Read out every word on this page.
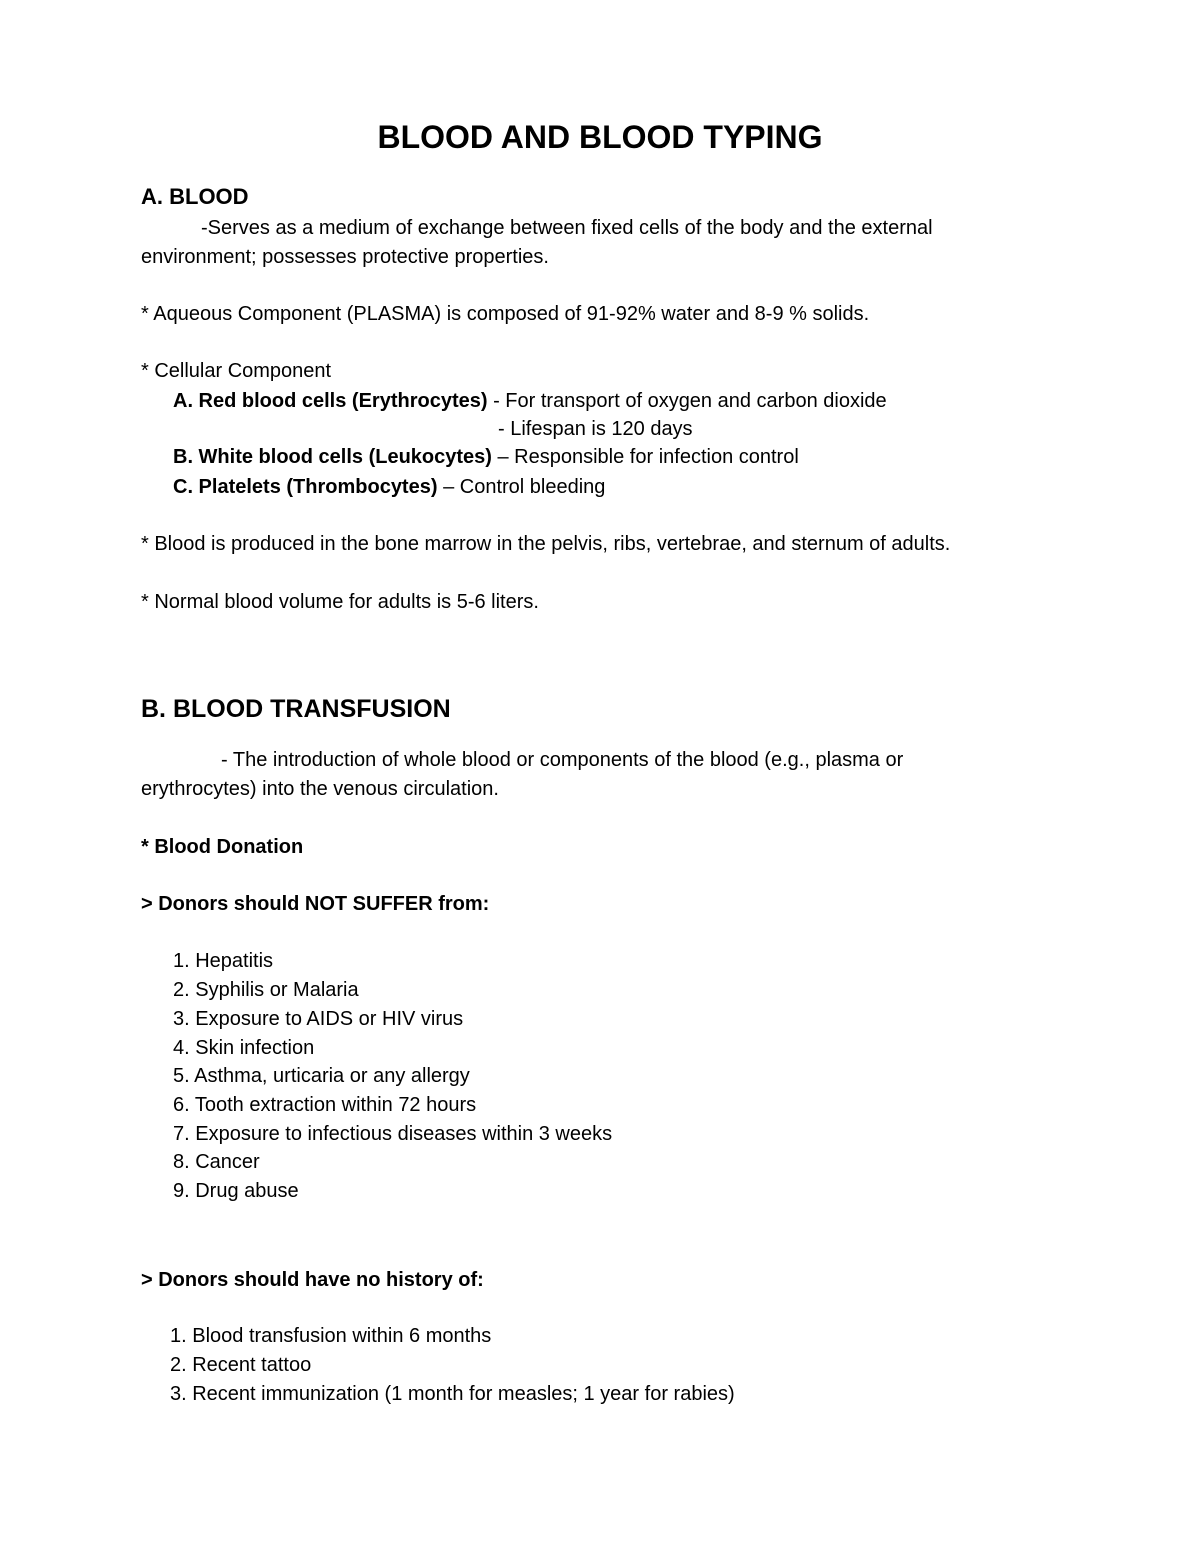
BLOOD AND BLOOD TYPING
A. BLOOD
-Serves as a medium of exchange between fixed cells of the body and the external
environment; possesses protective properties.
* Aqueous Component (PLASMA) is composed of 91-92% water and 8-9 % solids.
* Cellular Component
A. Red blood cells (Erythrocytes) - For transport of oxygen and carbon dioxide
- Lifespan is 120 days
B. White blood cells (Leukocytes) – Responsible for infection control
C. Platelets (Thrombocytes) – Control bleeding
* Blood is produced in the bone marrow in the pelvis, ribs, vertebrae, and sternum of adults.
* Normal blood volume for adults is 5-6 liters.
B. BLOOD TRANSFUSION
- The introduction of whole blood or components of the blood (e.g., plasma or
erythrocytes) into the venous circulation.
* Blood Donation
> Donors should NOT SUFFER from:
1. Hepatitis
2. Syphilis or Malaria
3. Exposure to AIDS or HIV virus
4. Skin infection
5. Asthma, urticaria or any allergy
6. Tooth extraction within 72 hours
7. Exposure to infectious diseases within 3 weeks
8. Cancer
9. Drug abuse
> Donors should have no history of:
1. Blood transfusion within 6 months
2. Recent tattoo
3. Recent immunization (1 month for measles; 1 year for rabies)
